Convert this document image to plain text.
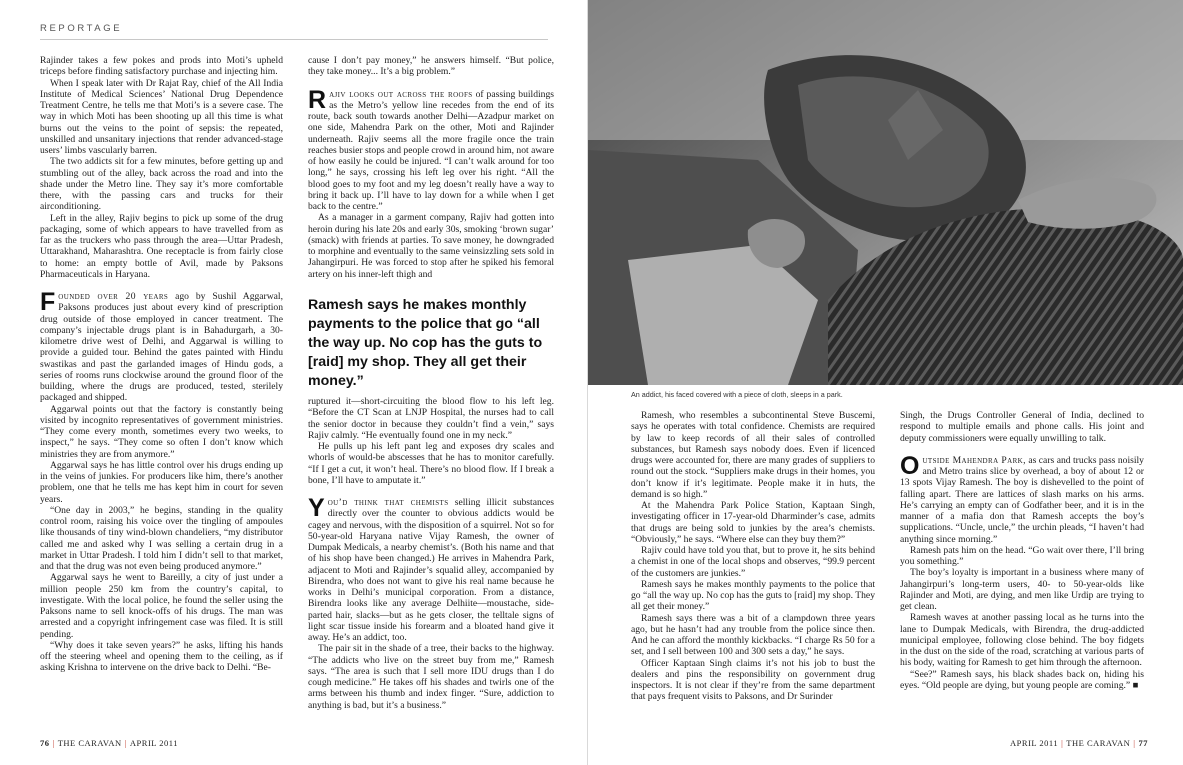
REPORTAGE

Rajinder takes a few pokes and prods into Moti’s upheld triceps before finding satisfactory purchase and injecting him.

When I speak later with Dr Rajat Ray, chief of the All India Institute of Medical Sciences’ National Drug Dependence Treatment Centre, he tells me that Moti’s is a severe case. The way in which Moti has been shooting up all this time is what burns out the veins to the point of sepsis: the repeated, unskilled and unsanitary injections that render advanced-stage users’ limbs vascularly barren.

The two addicts sit for a few minutes, before getting up and stumbling out of the alley, back across the road and into the shade under the Metro line. They say it’s more comfortable there, with the passing cars and trucks for their airconditioning.

Left in the alley, Rajiv begins to pick up some of the drug packaging, some of which appears to have travelled from as far as the truckers who pass through the area—Uttar Pradesh, Uttarakhand, Maharashtra. One receptacle is from fairly close to home: an empty bottle of Avil, made by Paksons Pharmaceuticals in Haryana.

Founded over 20 years ago by Sushil Aggarwal, Paksons produces just about every kind of prescription drug outside of those employed in cancer treatment. The company’s injectable drugs plant is in Bahadurgarh, a 30-kilometre drive west of Delhi, and Aggarwal is willing to provide a guided tour. Behind the gates painted with Hindu swastikas and past the garlanded images of Hindu gods, a series of rooms runs clockwise around the ground floor of the building, where the drugs are produced, tested, sterilely packaged and shipped.

Aggarwal points out that the factory is constantly being visited by incognito representatives of government ministries. “They come every month, sometimes every two weeks, to inspect,” he says. “They come so often I don’t know which ministries they are from anymore.”

Aggarwal says he has little control over his drugs ending up in the veins of junkies. For producers like him, there’s another problem, one that he tells me has kept him in court for seven years.

“One day in 2003,” he begins, standing in the quality control room, raising his voice over the tingling of ampoules like thousands of tiny wind-blown chandeliers, “my distributor called me and asked why I was selling a certain drug in a market in Uttar Pradesh. I told him I didn’t sell to that market, and that the drug was not even being produced anymore.”

Aggarwal says he went to Bareilly, a city of just under a million people 250 km from the country’s capital, to investigate. With the local police, he found the seller using the Paksons name to sell knock-offs of his drugs. The man was arrested and a copyright infringement case was filed. It is still pending.

“Why does it take seven years?” he asks, lifting his hands off the steering wheel and opening them to the ceiling, as if asking Krishna to intervene on the drive back to Delhi. “Be-

cause I don’t pay money,” he answers himself. “But police, they take money... It’s a big problem.”

Rajiv looks out across the roofs of passing buildings as the Metro’s yellow line recedes from the end of its route, back south towards another Delhi—Azadpur market on one side, Mahendra Park on the other, Moti and Rajinder underneath. Rajiv seems all the more fragile once the train reaches busier stops and people crowd in around him, not aware of how easily he could be injured. “I can’t walk around for too long,” he says, crossing his left leg over his right. “All the blood goes to my foot and my leg doesn’t really have a way to bring it back up. I’ll have to lay down for a while when I get back to the centre.”

As a manager in a garment company, Rajiv had gotten into heroin during his late 20s and early 30s, smoking ‘brown sugar’ (smack) with friends at parties. To save money, he downgraded to morphine and eventually to the same veinsizzling sets sold in Jahangirpuri. He was forced to stop after he spiked his femoral artery on his inner-left thigh and

Ramesh says he makes monthly payments to the police that go “all the way up. No cop has the guts to [raid] my shop. They all get their money.”

ruptured it—short-circuiting the blood flow to his left leg. “Before the CT Scan at LNJP Hospital, the nurses had to call the senior doctor in because they couldn’t find a vein,” says Rajiv calmly. “He eventually found one in my neck.”

He pulls up his left pant leg and exposes dry scales and whorls of would-be abscesses that he has to monitor carefully. “If I get a cut, it won’t heal. There’s no blood flow. If I break a bone, I’ll have to amputate it.”

You’d think that chemists selling illicit substances directly over the counter to obvious addicts would be cagey and nervous, with the disposition of a squirrel. Not so for 50-year-old Haryana native Vijay Ramesh, the owner of Dumpak Medicals, a nearby chemist’s. (Both his name and that of his shop have been changed.) He arrives in Mahendra Park, adjacent to Moti and Rajinder’s squalid alley, accompanied by Birendra, who does not want to give his real name because he works in Delhi’s municipal corporation. From a distance, Birendra looks like any average Delhiite—moustache, side-parted hair, slacks—but as he gets closer, the telltale signs of light scar tissue inside his forearm and a bloated hand give it away. He’s an addict, too.

The pair sit in the shade of a tree, their backs to the highway. “The addicts who live on the street buy from me,” Ramesh says. “The area is such that I sell more IDU drugs than I do cough medicine.” He takes off his shades and twirls one of the arms between his thumb and index finger. “Sure, addiction to anything is bad, but it’s a business.”

76 | THE CARAVAN | APRIL 2011
An addict, his faced covered with a piece of cloth, sleeps in a park.

Ramesh, who resembles a subcontinental Steve Buscemi, says he operates with total confidence. Chemists are required by law to keep records of all their sales of controlled substances, but Ramesh says nobody does. Even if licenced drugs were accounted for, there are many grades of suppliers to round out the stock. “Suppliers make drugs in their homes, you don’t know if it’s legitimate. People make it in huts, the demand is so high.”

At the Mahendra Park Police Station, Kaptaan Singh, investigating officer in 17-year-old Dharminder’s case, admits that drugs are being sold to junkies by the area’s chemists. “Obviously,” he says. “Where else can they buy them?”

Rajiv could have told you that, but to prove it, he sits behind a chemist in one of the local shops and observes, “99.9 percent of the customers are junkies.”

Ramesh says he makes monthly payments to the police that go “all the way up. No cop has the guts to [raid] my shop. They all get their money.”

Ramesh says there was a bit of a clampdown three years ago, but he hasn’t had any trouble from the police since then. And he can afford the monthly kickbacks. “I charge Rs 50 for a set, and I sell between 100 and 300 sets a day,” he says.

Officer Kaptaan Singh claims it’s not his job to bust the dealers and pins the responsibility on government drug inspectors. It is not clear if they’re from the same department that pays frequent visits to Paksons, and Dr Surinder

Singh, the Drugs Controller General of India, declined to respond to multiple emails and phone calls. His joint and deputy commissioners were equally unwilling to talk.

Outside Mahendra Park, as cars and trucks pass noisily and Metro trains slice by overhead, a boy of about 12 or 13 spots Vijay Ramesh. The boy is dishevelled to the point of falling apart. There are lattices of slash marks on his arms. He’s carrying an empty can of Godfather beer, and it is in the manner of a mafia don that Ramesh accepts the boy’s supplications. “Uncle, uncle,” the urchin pleads, “I haven’t had anything since morning.”

Ramesh pats him on the head. “Go wait over there, I’ll bring you something.”

The boy’s loyalty is important in a business where many of Jahangirpuri’s long-term users, 40- to 50-year-olds like Rajinder and Moti, are dying, and men like Urdip are trying to get clean.

Ramesh waves at another passing local as he turns into the lane to Dumpak Medicals, with Birendra, the drug-addicted municipal employee, following close behind. The boy fidgets in the dust on the side of the road, scratching at various parts of his body, waiting for Ramesh to get him through the afternoon.

“See?” Ramesh says, his black shades back on, hiding his eyes. “Old people are dying, but young people are coming.” ■

APRIL 2011 | THE CARAVAN | 77
